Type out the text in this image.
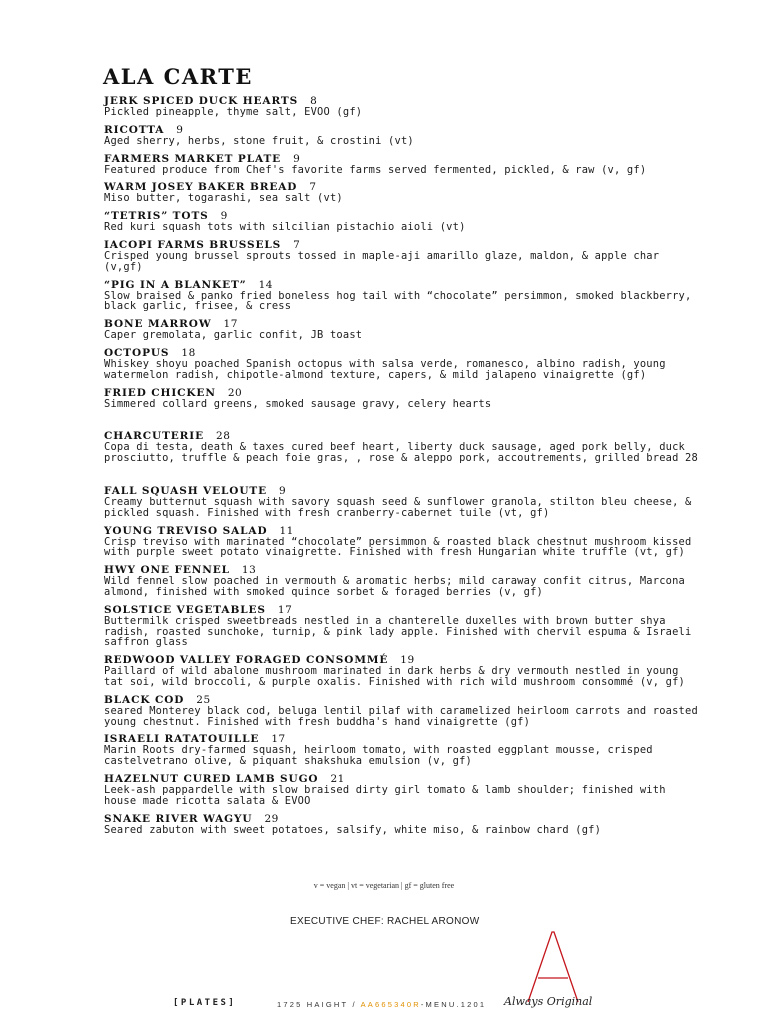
ALA CARTE
JERK SPICED DUCK HEARTS 8
Pickled pineapple, thyme salt, EVOO (gf)
RICOTTA 9
Aged sherry, herbs, stone fruit, & crostini (vt)
FARMERS MARKET PLATE 9
Featured produce from Chef's favorite farms served fermented, pickled, & raw (v, gf)
WARM JOSEY BAKER BREAD 7
Miso butter, togarashi, sea salt (vt)
“TETRIS” TOTS 9
Red kuri squash tots with silcilian pistachio aioli (vt)
IACOPI FARMS BRUSSELS 7
Crisped young brussel sprouts tossed in maple-aji amarillo glaze, maldon, & apple char (v,gf)
“PIG IN A BLANKET” 14
Slow braised & panko fried boneless hog tail with “chocolate” persimmon, smoked blackberry, black garlic, frisee, & cress
BONE MARROW 17
Caper gremolata, garlic confit, JB toast
OCTOPUS 18
Whiskey shoyu poached Spanish octopus with salsa verde, romanesco, albino radish, young watermelon radish, chipotle-almond texture, capers, & mild jalapeno vinaigrette (gf)
FRIED CHICKEN 20
Simmered collard greens, smoked sausage gravy, celery hearts
CHARCUTERIE 28
Copa di testa, death & taxes cured beef heart, liberty duck sausage, aged pork belly, duck prosciutto, truffle & peach foie gras, , rose & aleppo pork, accoutrements, grilled bread 28
FALL SQUASH VELOUTE 9
Creamy butternut squash with savory squash seed & sunflower granola, stilton bleu cheese, & pickled squash. Finished with fresh cranberry-cabernet tuile (vt, gf)
YOUNG TREVISO SALAD 11
Crisp treviso with marinated “chocolate” persimmon & roasted black chestnut mushroom kissed with purple sweet potato vinaigrette. Finished with fresh Hungarian white truffle (vt, gf)
HWY ONE FENNEL 13
Wild fennel slow poached in vermouth & aromatic herbs; mild caraway confit citrus, Marcona almond, finished with smoked quince sorbet & foraged berries (v, gf)
SOLSTICE VEGETABLES 17
Buttermilk crisped sweetbreads nestled in a chanterelle duxelles with brown butter shya radish, roasted sunchoke, turnip, & pink lady apple. Finished with chervil espuma & Israeli saffron glass
REDWOOD VALLEY FORAGED CONSOMMÉ 19
Paillard of wild abalone mushroom marinated in dark herbs & dry vermouth nestled in young tat soi, wild broccoli, & purple oxalis. Finished with rich wild mushroom consommé (v, gf)
BLACK COD 25
seared Monterey black cod, beluga lentil pilaf with caramelized heirloom carrots and roasted young chestnut. Finished with fresh buddha's hand vinaigrette (gf)
ISRAELI RATATOUILLE 17
Marin Roots dry-farmed squash, heirloom tomato, with roasted eggplant mousse, crisped castelvetrano olive, & piquant shakshuka emulsion (v, gf)
HAZELNUT CURED LAMB SUGO 21
Leek-ash pappardelle with slow braised dirty girl tomato & lamb shoulder; finished with house made ricotta salata & EVOO
SNAKE RIVER WAGYU 29
Seared zabuton with sweet potatoes, salsify, white miso, & rainbow chard (gf)
v = vegan | vt = vegetarian | gf = gluten free
EXECUTIVE CHEF: RACHEL ARONOW	A
[PLATES]	1725 HAIGHT / AA665340R-MENU.1201 Always Original
